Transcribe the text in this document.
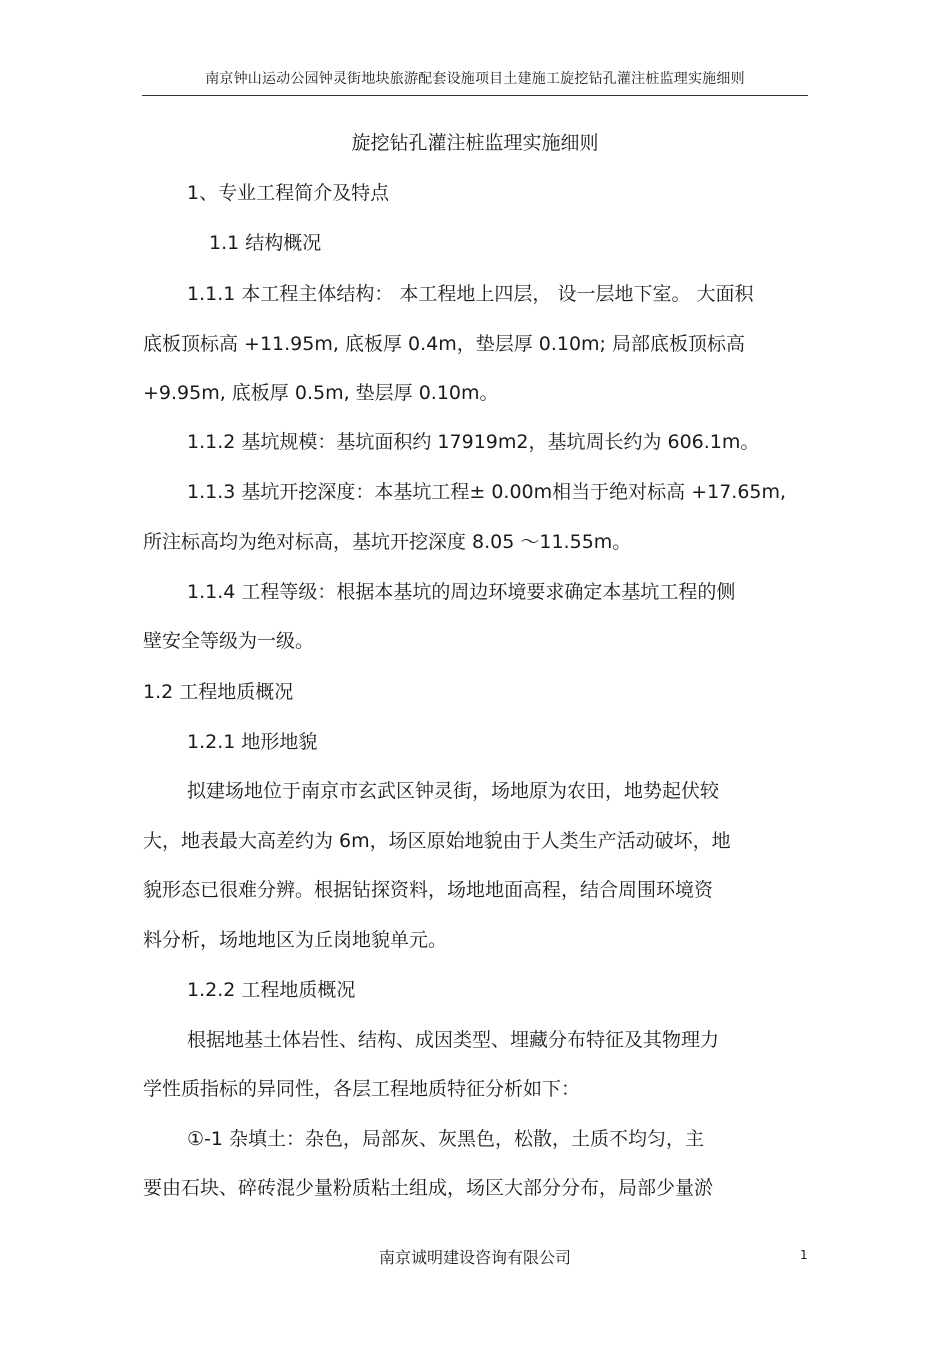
南京钟山运动公园钟灵街地块旅游配套设施项目土建施工旋挖钻孔灌注桩监理实施细则
旋挖钻孔灌注桩监理实施细则
1、专业工程简介及特点
1.1 结构概况
1.1.1 本工程主体结构： 本工程地上四层， 设一层地下室。 大面积
底板顶标高 +11.95m, 底板厚 0.4m，垫层厚 0.10m; 局部底板顶标高
+9.95m, 底板厚 0.5m, 垫层厚 0.10m。
1.1.2 基坑规模：基坑面积约 17919m2，基坑周长约为 606.1m。
1.1.3 基坑开挖深度：本基坑工程± 0.00m相当于绝对标高 +17.65m,
所注标高均为绝对标高，基坑开挖深度 8.05 ～11.55m。
1.1.4 工程等级：根据本基坑的周边环境要求确定本基坑工程的侧
壁安全等级为一级。
1.2 工程地质概况
1.2.1 地形地貌
拟建场地位于南京市玄武区钟灵街，场地原为农田，地势起伏较
大，地表最大高差约为 6m，场区原始地貌由于人类生产活动破坏，地
貌形态已很难分辨。根据钻探资料，场地地面高程，结合周围环境资
料分析，场地地区为丘岗地貌单元。
1.2.2 工程地质概况
根据地基土体岩性、结构、成因类型、埋藏分布特征及其物理力
学性质指标的异同性，各层工程地质特征分析如下：
①-1 杂填土：杂色，局部灰、灰黑色，松散，土质不均匀，主
要由石块、碎砖混少量粉质粘土组成，场区大部分分布，局部少量淤
南京诚明建设咨询有限公司	1
